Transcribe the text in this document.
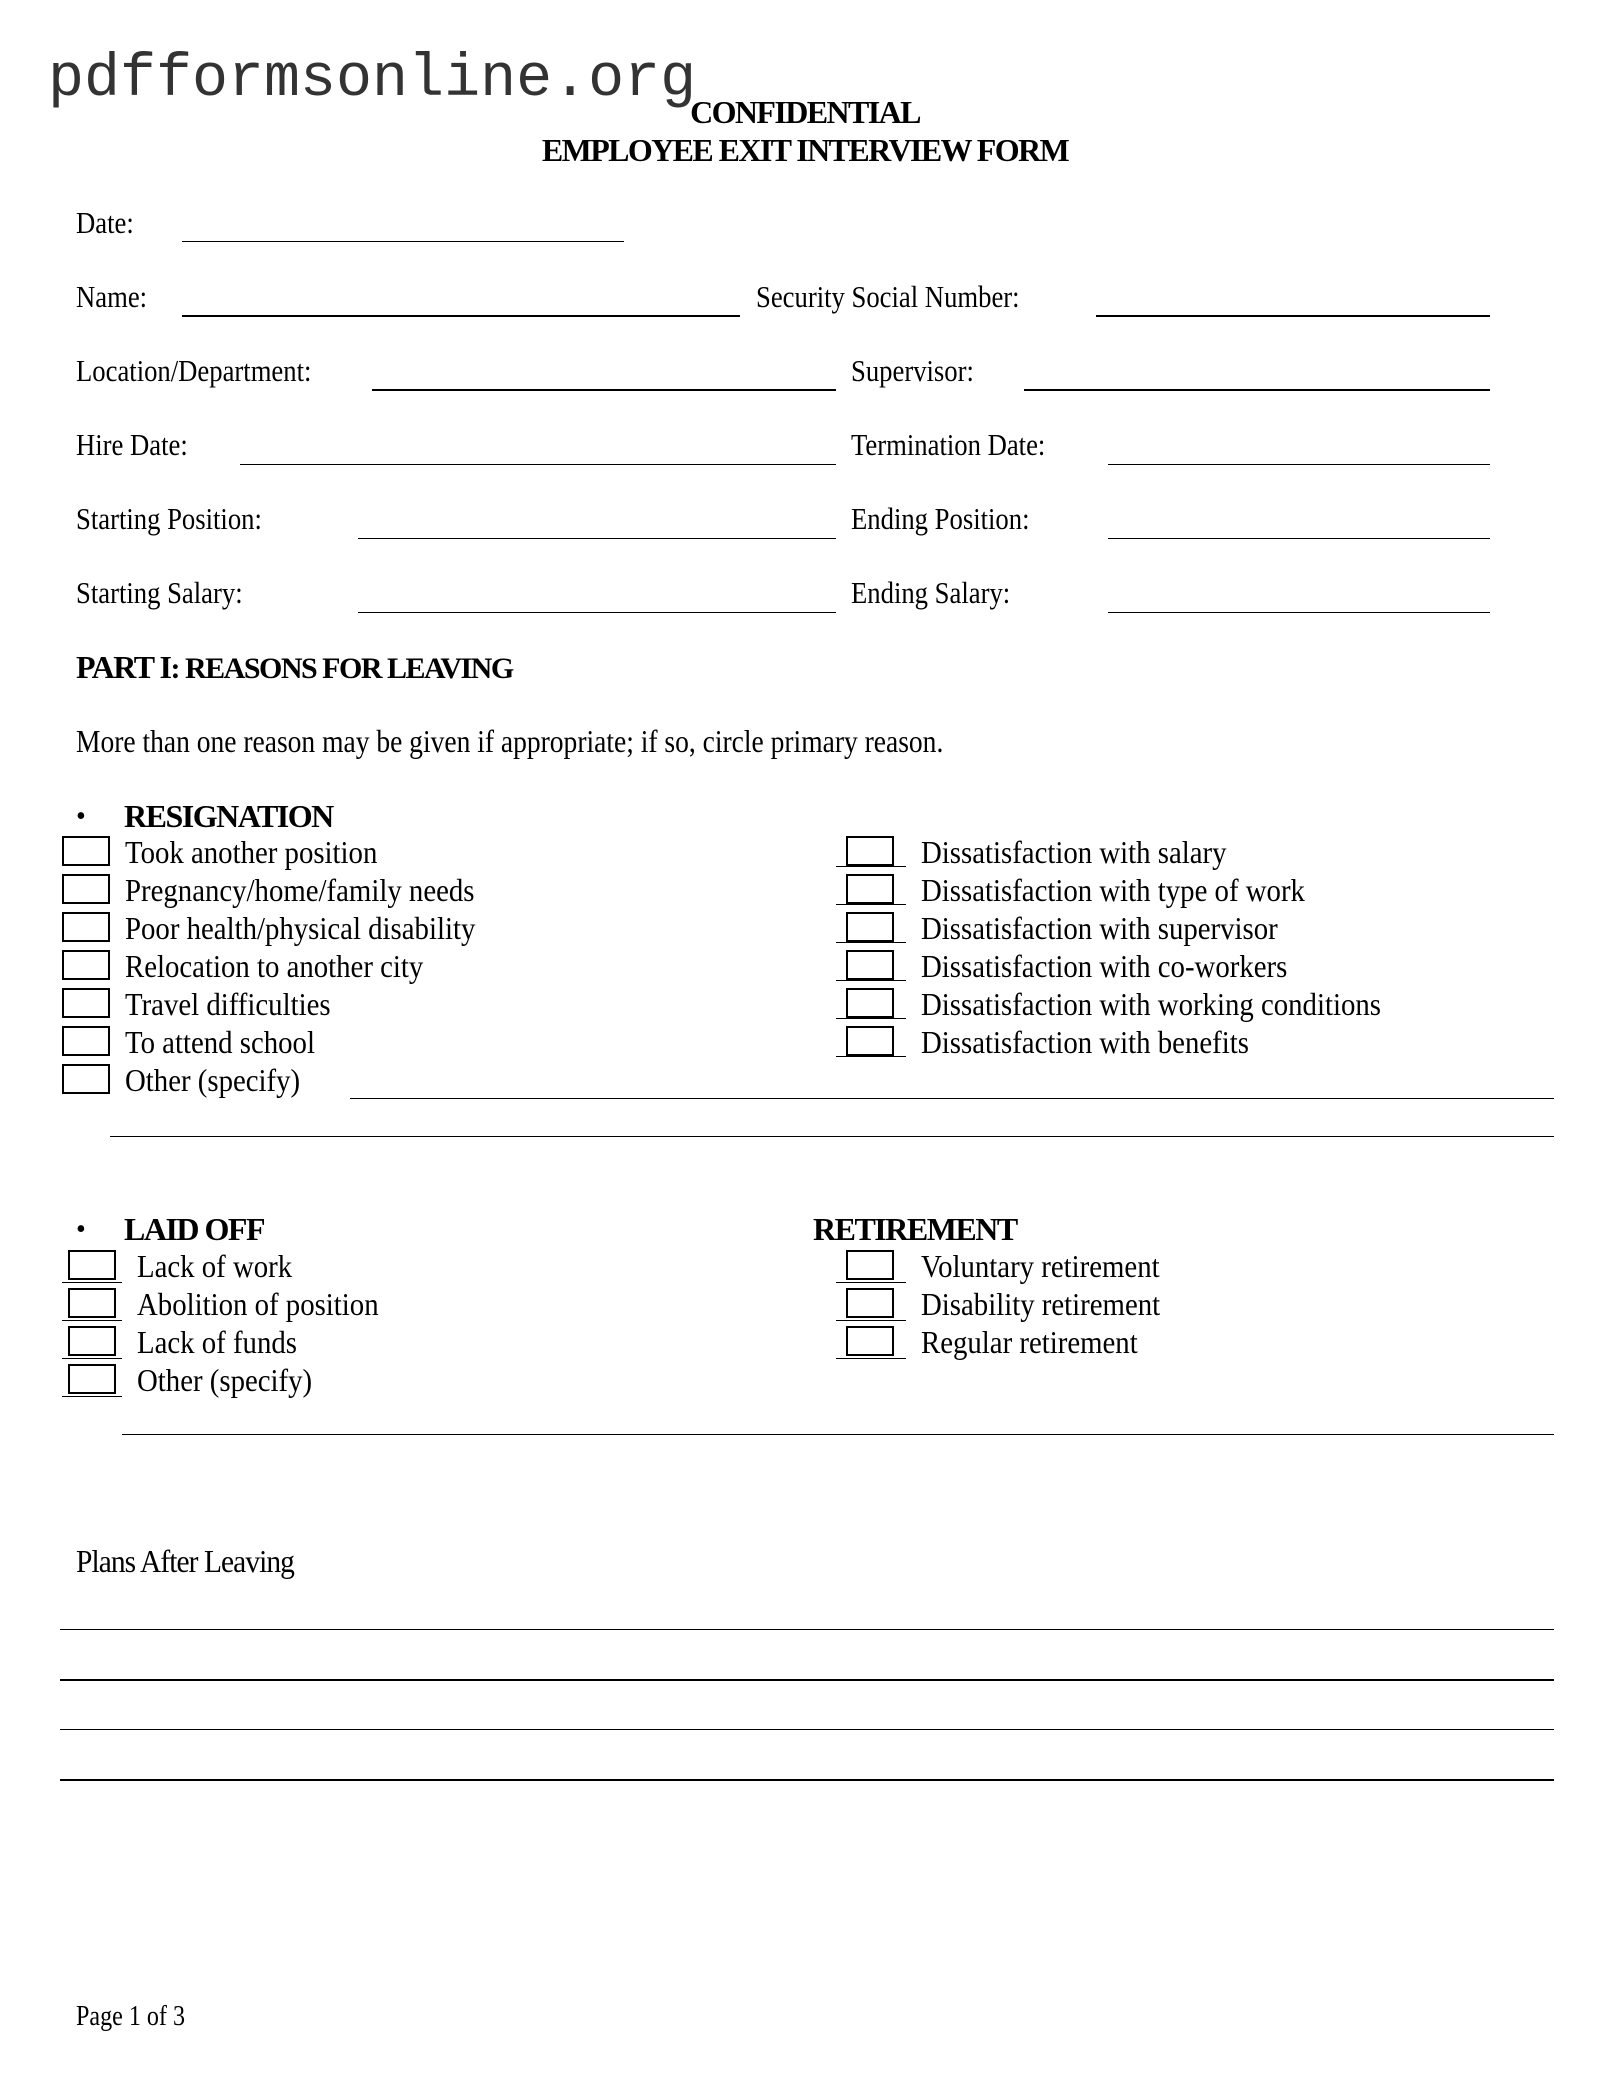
pdfformsonline.org
CONFIDENTIAL
EMPLOYEE EXIT INTERVIEW FORM
Date:
Name:	Security Social Number:
Location/Department:	Supervisor:
Hire Date:	Termination Date:
Starting Position:	Ending Position:
Starting Salary:	Ending Salary:
PART I: REASONS FOR LEAVING
More than one reason may be given if appropriate; if so, circle primary reason.
• RESIGNATION
Took another position
Pregnancy/home/family needs
Poor health/physical disability
Relocation to another city
Travel difficulties
To attend school
Other (specify)
Dissatisfaction with salary
Dissatisfaction with type of work
Dissatisfaction with supervisor
Dissatisfaction with co-workers
Dissatisfaction with working conditions
Dissatisfaction with benefits
• LAID OFF
Lack of work
Abolition of position
Lack of funds
Other (specify)
RETIREMENT
Voluntary retirement
Disability retirement
Regular retirement
Plans After Leaving
Page 1 of 3
